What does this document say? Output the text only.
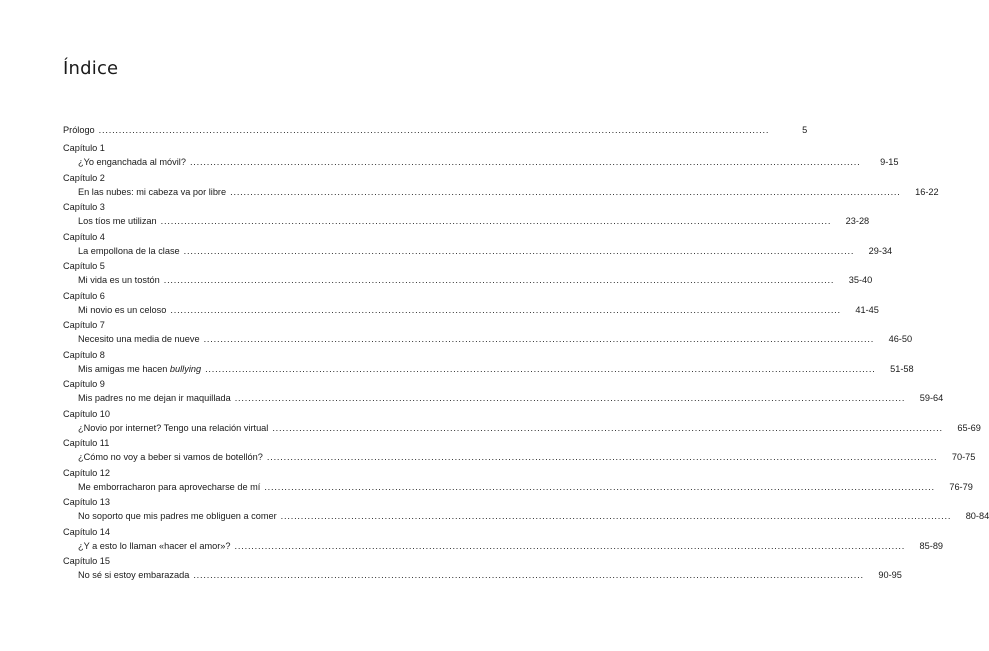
Índice
Prólogo ........................................................................................................................................................................................................	5
Capítulo 1
¿Yo enganchada al móvil? ........................................................................................................................................................................................................	9-15
Capítulo 2
En las nubes: mi cabeza va por libre ........................................................................................................................................................................................................	16-22
Capítulo 3
Los tíos me utilizan ........................................................................................................................................................................................................	23-28
Capítulo 4
La empollona de la clase ........................................................................................................................................................................................................	29-34
Capítulo 5
Mi vida es un tostón ........................................................................................................................................................................................................	35-40
Capítulo 6
Mi novio es un celoso ........................................................................................................................................................................................................	41-45
Capítulo 7
Necesito una media de nueve ........................................................................................................................................................................................................	46-50
Capítulo 8
Mis amigas me hacen bullying ........................................................................................................................................................................................................	51-58
Capítulo 9
Mis padres no me dejan ir maquillada ........................................................................................................................................................................................................	59-64
Capítulo 10
¿Novio por internet? Tengo una relación virtual ........................................................................................................................................................................................................	65-69
Capítulo 11
¿Cómo no voy a beber si vamos de botellón? ........................................................................................................................................................................................................	70-75
Capítulo 12
Me emborracharon para aprovecharse de mí ........................................................................................................................................................................................................	76-79
Capítulo 13
No soporto que mis padres me obliguen a comer ........................................................................................................................................................................................................	80-84
Capítulo 14
¿Y a esto lo llaman «hacer el amor»? ........................................................................................................................................................................................................	85-89
Capítulo 15
No sé si estoy embarazada ........................................................................................................................................................................................................	90-95
